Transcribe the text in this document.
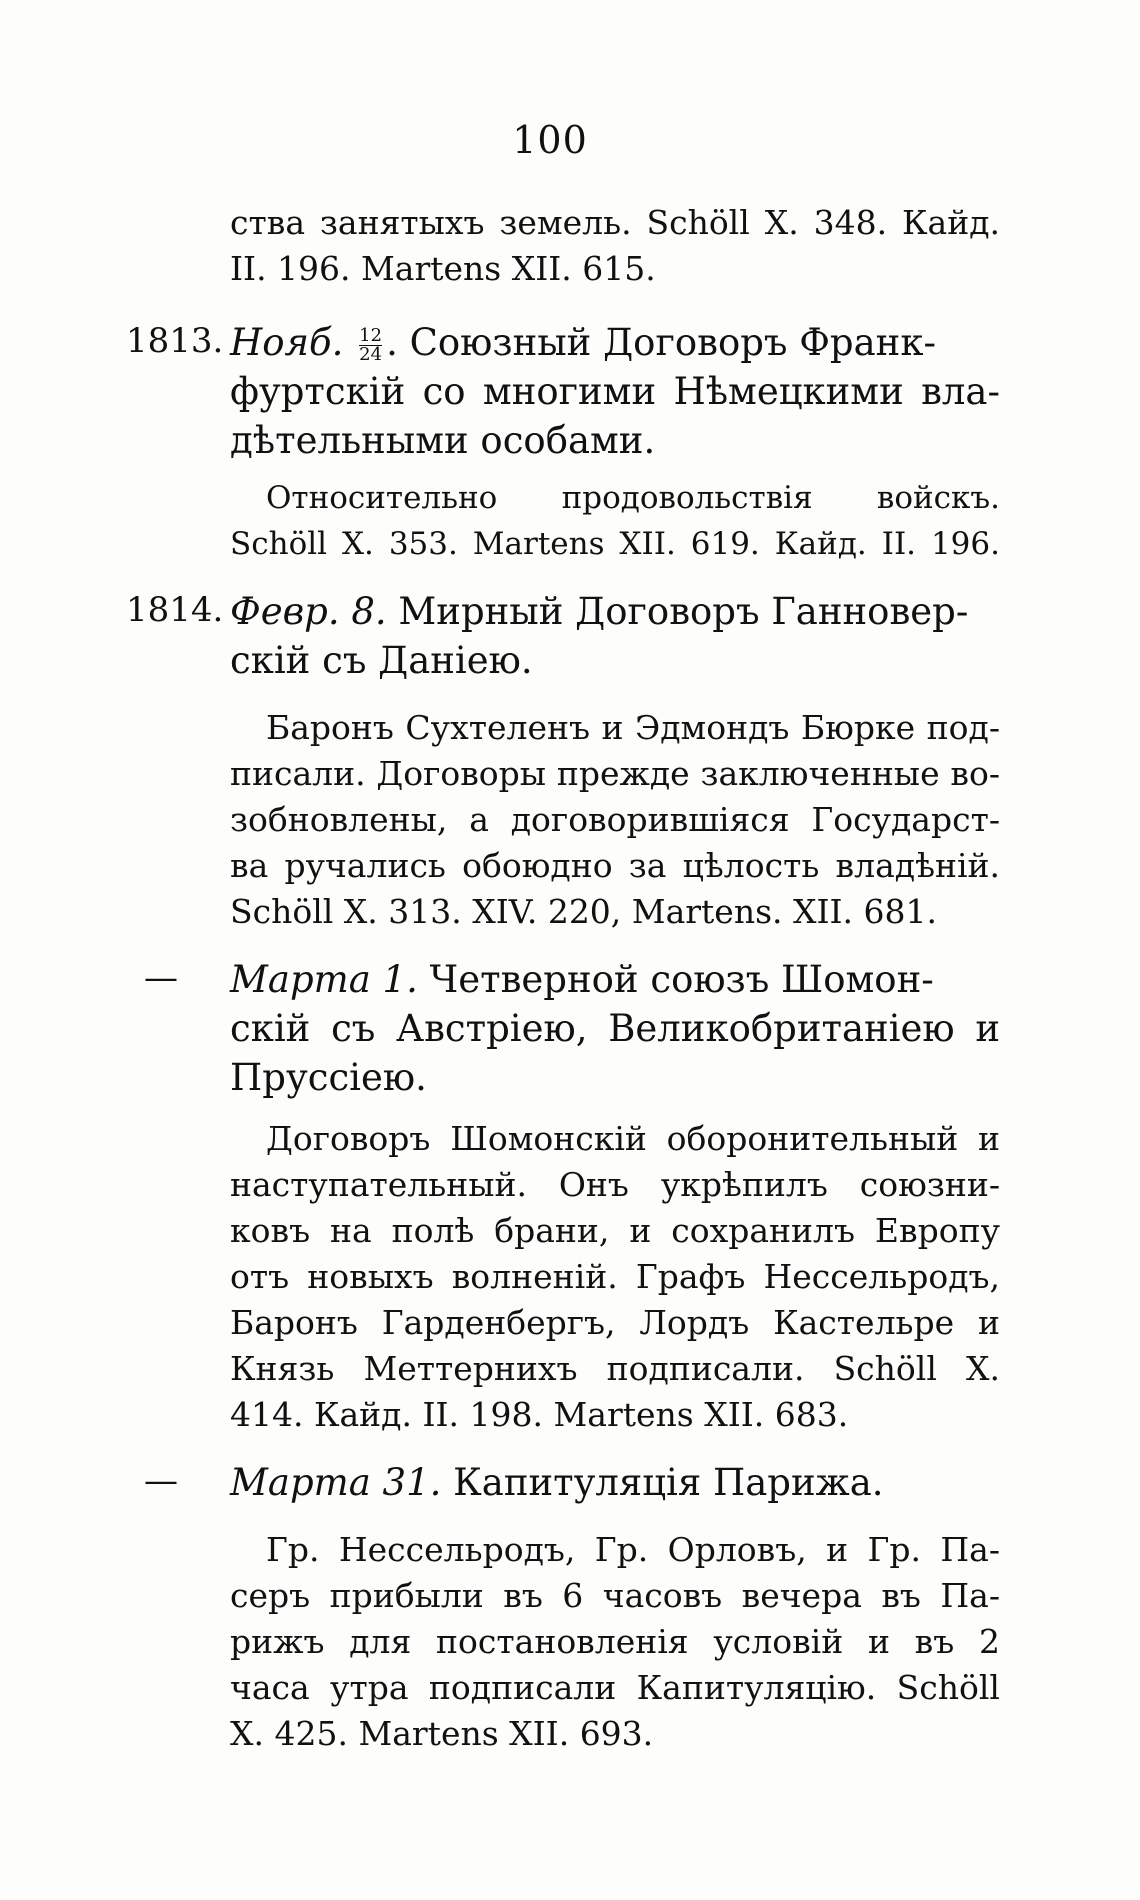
100
ства занятыхъ земель. Schöll X. 348. Кайд.
II. 196. Martens XII. 615.
1813. Нояб. $\frac{12}{24}$ . Союзный Договоръ Франк-
фуртскій со многими Нѣмецкими вла-
дѣтельными особами.
Относительно продовольствія войскъ.
Schöll X. 353. Martens XII. 619. Кайд. II. 196.
1814. Февр. 8. Мирный Договоръ Ганновер-
скій съ Даніею.
Баронъ Сухтеленъ и Эдмондъ Бюрке под-
писали. Договоры прежде заключенные во-
зобновлены, а договорившіяся Государст-
ва ручались обоюдно за цѣлость владѣній.
Schöll X. 313. XIV. 220, Martens. XII. 681.
— Марта 1. Четверной союзъ Шомон-
скій съ Австріею, Великобританіею и
Пруссіею.
Договоръ Шомонскій оборонительный и
наступательный. Онъ укрѣпилъ союзни-
ковъ на полѣ брани, и сохранилъ Европу
отъ новыхъ волненій. Графъ Нессельродъ,
Баронъ Гарденбергъ, Лордъ Кастельре и
Князь Меттернихъ подписали. Schöll X.
414. Кайд. II. 198. Martens XII. 683.
— Марта 31. Капитуляція Парижа.
Гр. Нессельродъ, Гр. Орловъ, и Гр. Па-
серъ прибыли въ 6 часовъ вечера въ Па-
рижъ для постановленія условій и въ 2
часа утра подписали Капитуляцію. Schöll
X. 425. Martens XII. 693.
